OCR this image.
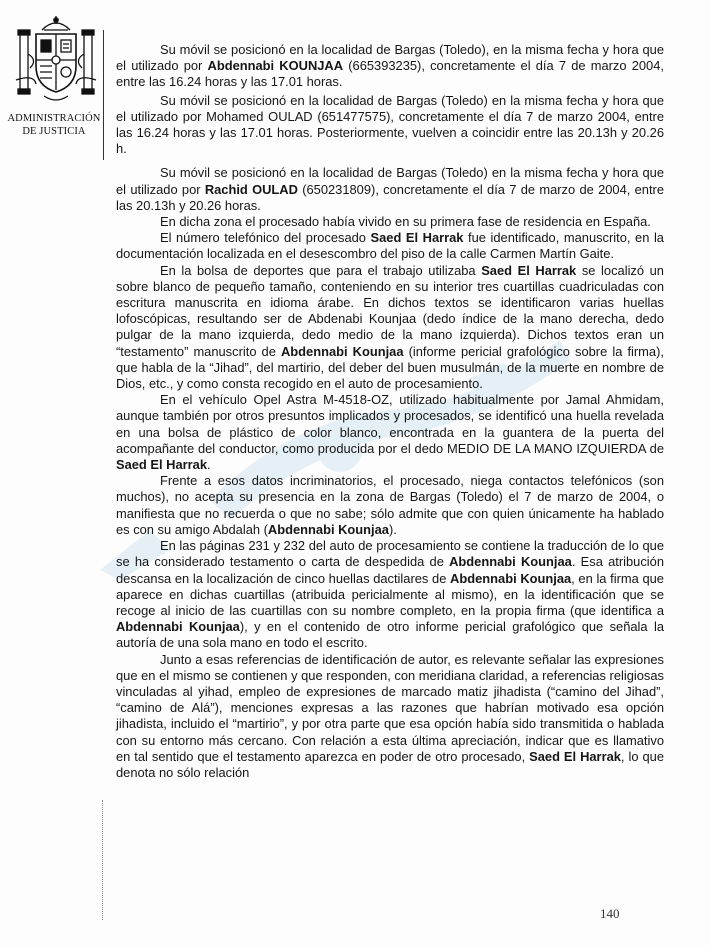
ADMINISTRACIÓN
DE JUSTICIA

Su móvil se posicionó en la localidad de Bargas (Toledo), en la misma fecha y hora que el utilizado por Abdennabi KOUNJAA (665393235), concretamente el día 7 de marzo 2004, entre las 16.24 horas y las 17.01 horas.

Su móvil se posicionó en la localidad de Bargas (Toledo) en la misma fecha y hora que el utilizado por Mohamed OULAD (651477575), concretamente el día 7 de marzo 2004, entre las 16.24 horas y las 17.01 horas. Posteriormente, vuelven a coincidir entre las 20.13h y 20.26 h.

Su móvil se posicionó en la localidad de Bargas (Toledo) en la misma fecha y hora que el utilizado por Rachid OULAD (650231809), concretamente el día 7 de marzo de 2004, entre las 20.13h y 20.26 horas.

En dicha zona el procesado había vivido en su primera fase de residencia en España.

El número telefónico del procesado Saed El Harrak fue identificado, manuscrito, en la documentación localizada en el desescombro del piso de la calle Carmen Martín Gaite.

En la bolsa de deportes que para el trabajo utilizaba Saed El Harrak se localizó un sobre blanco de pequeño tamaño, conteniendo en su interior tres cuartillas cuadriculadas con escritura manuscrita en idioma árabe. En dichos textos se identificaron varias huellas lofoscópicas, resultando ser de Abdenabi Kounjaa (dedo índice de la mano derecha, dedo pulgar de la mano izquierda, dedo medio de la mano izquierda). Dichos textos eran un “testamento” manuscrito de Abdennabi Kounjaa (informe pericial grafológico sobre la firma), que habla de la “Jihad”, del martirio, del deber del buen musulmán, de la muerte en nombre de Dios, etc., y como consta recogido en el auto de procesamiento.

En el vehículo Opel Astra M-4518-OZ, utilizado habitualmente por Jamal Ahmidam, aunque también por otros presuntos implicados y procesados, se identificó una huella revelada en una bolsa de plástico de color blanco, encontrada en la guantera de la puerta del acompañante del conductor, como producida por el dedo MEDIO DE LA MANO IZQUIERDA de Saed El Harrak.

Frente a esos datos incriminatorios, el procesado, niega contactos telefónicos (son muchos), no acepta su presencia en la zona de Bargas (Toledo) el 7 de marzo de 2004, o manifiesta que no recuerda o que no sabe; sólo admite que con quien únicamente ha hablado es con su amigo Abdalah (Abdennabi Kounjaa).

En las páginas 231 y 232 del auto de procesamiento se contiene la traducción de lo que se ha considerado testamento o carta de despedida de Abdennabi Kounjaa. Esa atribución descansa en la localización de cinco huellas dactilares de Abdennabi Kounjaa, en la firma que aparece en dichas cuartillas (atribuida pericialmente al mismo), en la identificación que se recoge al inicio de las cuartillas con su nombre completo, en la propia firma (que identifica a Abdennabi Kounjaa), y en el contenido de otro informe pericial grafológico que señala la autoría de una sola mano en todo el escrito.

Junto a esas referencias de identificación de autor, es relevante señalar las expresiones que en el mismo se contienen y que responden, con meridiana claridad, a referencias religiosas vinculadas al yihad, empleo de expresiones de marcado matiz jihadista (“camino del Jihad”, “camino de Alá”), menciones expresas a las razones que habrían motivado esa opción jihadista, incluido el “martirio”, y por otra parte que esa opción había sido transmitida o hablada con su entorno más cercano. Con relación a esta última apreciación, indicar que es llamativo en tal sentido que el testamento aparezca en poder de otro procesado, Saed El Harrak, lo que denota no sólo relación

140
